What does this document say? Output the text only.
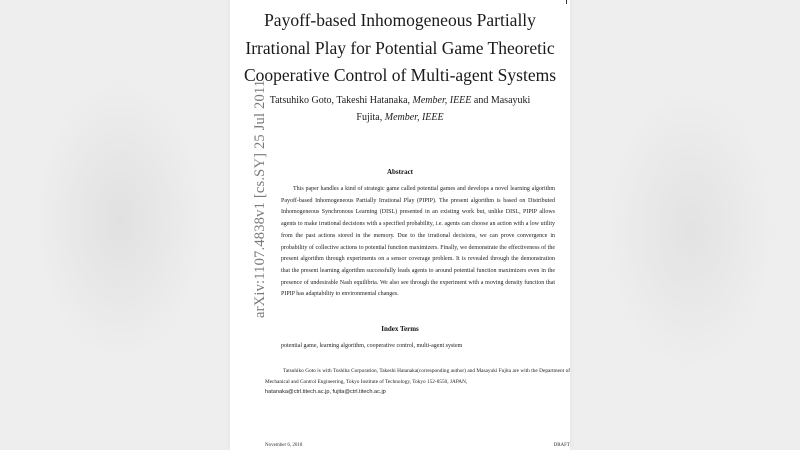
arXiv:1107.4838v1 [cs.SY] 25 Jul 2011
Payoff-based Inhomogeneous Partially
Irrational Play for Potential Game Theoretic
Cooperative Control of Multi-agent Systems
Tatsuhiko Goto, Takeshi Hatanaka, Member, IEEE and Masayuki
Fujita, Member, IEEE
Abstract

This paper handles a kind of strategic game called potential games and develops a novel learning algorithm Payoff-based Inhomogeneous Partially Irrational Play (PIPIP). The present algorithm is based on Distributed Inhomogeneous Synchronous Learning (DISL) presented in an existing work but, unlike DISL, PIPIP allows agents to make irrational decisions with a specified probability, i.e. agents can choose an action with a low utility from the past actions stored in the memory. Due to the irrational decisions, we can prove convergence in probability of collective actions to potential function maximizers. Finally, we demonstrate the effectiveness of the present algorithm through experiments on a sensor coverage problem. It is revealed through the demonstration that the present learning algorithm successfully leads agents to around potential function maximizers even in the presence of undesirable Nash equilibria. We also see through the experiment with a moving density function that PIPIP has adaptability to environmental changes.

Index Terms
potential game, learning algorithm, cooperative control, multi-agent system

Tatsuhiko Goto is with Toshiba Corporation, Takeshi Hatanaka(corresponding author) and Masayuki Fujita are with the Department of Mechanical and Control Engineering, Tokyo Institute of Technology, Tokyo 152-8550, JAPAN,

hatanaka@ctrl.titech.ac.jp, fujita@ctrl.titech.ac.jp
November 6, 2018	DRAFT
